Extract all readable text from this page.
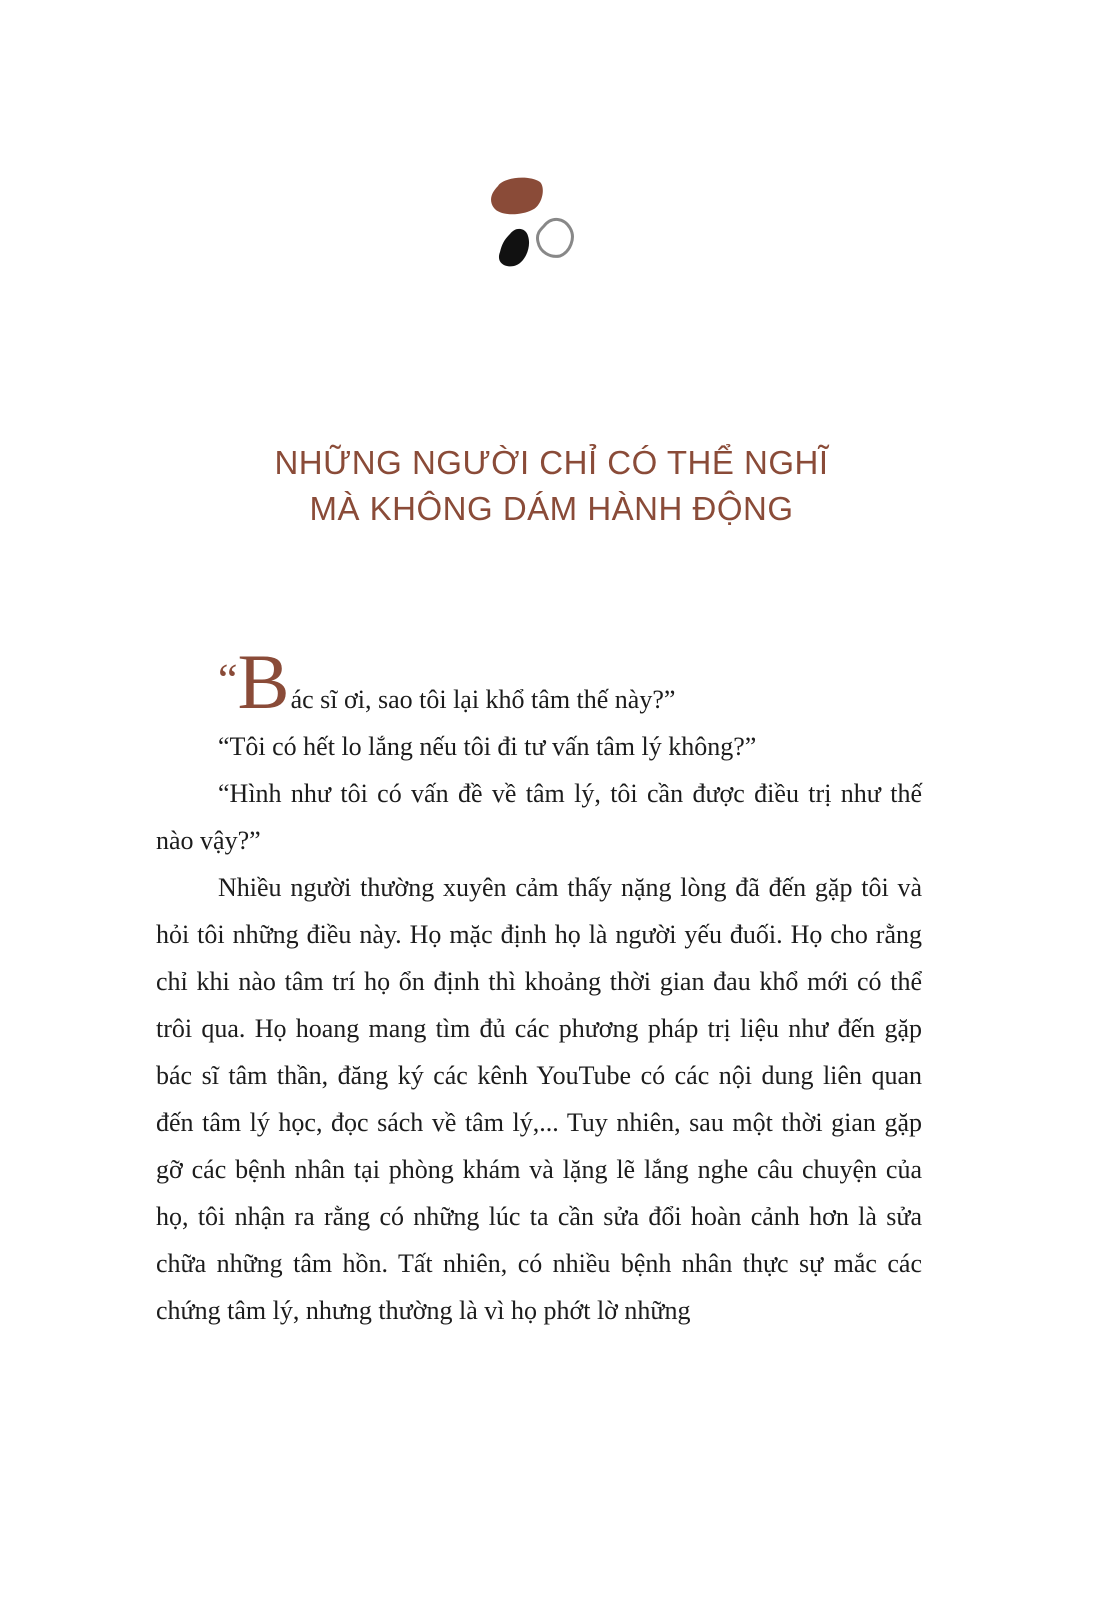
NHỮNG NGƯỜI CHỈ CÓ THỂ NGHĨ
MÀ KHÔNG DÁM HÀNH ĐỘNG

“Bác sĩ ơi, sao tôi lại khổ tâm thế này?”

“Tôi có hết lo lắng nếu tôi đi tư vấn tâm lý không?”

“Hình như tôi có vấn đề về tâm lý, tôi cần được điều trị như thế nào vậy?”

Nhiều người thường xuyên cảm thấy nặng lòng đã đến gặp tôi và hỏi tôi những điều này. Họ mặc định họ là người yếu đuối. Họ cho rằng chỉ khi nào tâm trí họ ổn định thì khoảng thời gian đau khổ mới có thể trôi qua. Họ hoang mang tìm đủ các phương pháp trị liệu như đến gặp bác sĩ tâm thần, đăng ký các kênh YouTube có các nội dung liên quan đến tâm lý học, đọc sách về tâm lý,... Tuy nhiên, sau một thời gian gặp gỡ các bệnh nhân tại phòng khám và lặng lẽ lắng nghe câu chuyện của họ, tôi nhận ra rằng có những lúc ta cần sửa đổi hoàn cảnh hơn là sửa chữa những tâm hồn. Tất nhiên, có nhiều bệnh nhân thực sự mắc các chứng tâm lý, nhưng thường là vì họ phớt lờ những
